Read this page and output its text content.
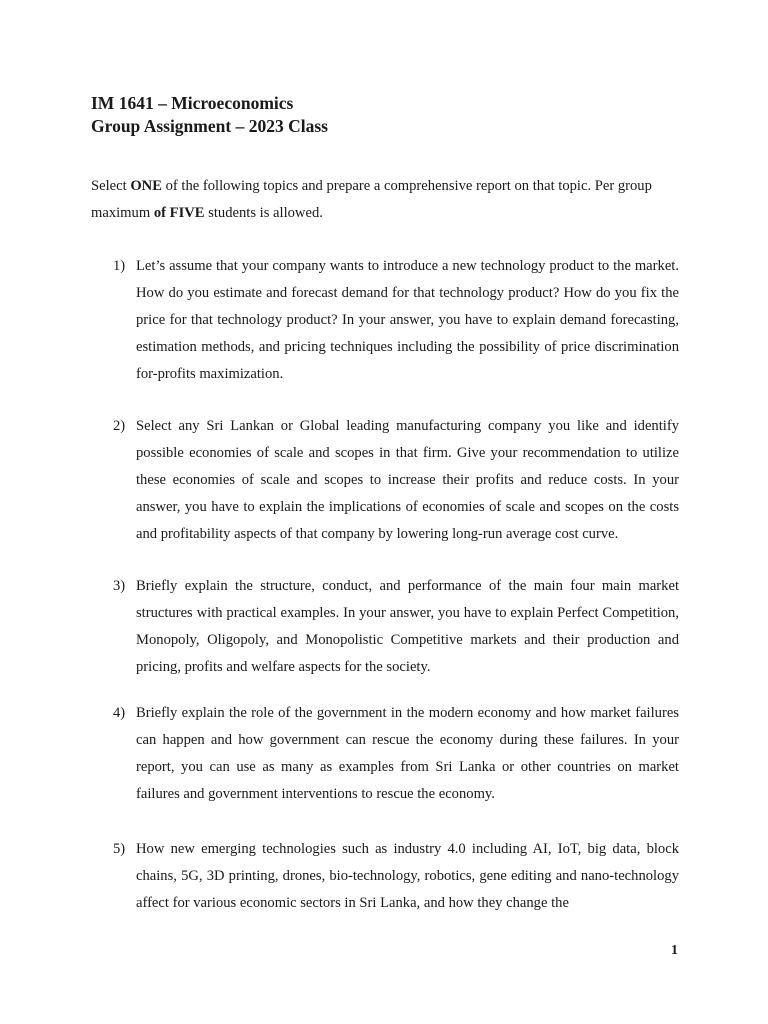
IM 1641 – Microeconomics

Group Assignment – 2023 Class

Select ONE of the following topics and prepare a comprehensive report on that topic. Per group maximum of FIVE students is allowed.

1) Let’s assume that your company wants to introduce a new technology product to the market. How do you estimate and forecast demand for that technology product? How do you fix the price for that technology product? In your answer, you have to explain demand forecasting, estimation methods, and pricing techniques including the possibility of price discrimination for-profits maximization.
2) Select any Sri Lankan or Global leading manufacturing company you like and identify possible economies of scale and scopes in that firm. Give your recommendation to utilize these economies of scale and scopes to increase their profits and reduce costs. In your answer, you have to explain the implications of economies of scale and scopes on the costs and profitability aspects of that company by lowering long-run average cost curve.
3) Briefly explain the structure, conduct, and performance of the main four main market structures with practical examples. In your answer, you have to explain Perfect Competition, Monopoly, Oligopoly, and Monopolistic Competitive markets and their production and pricing, profits and welfare aspects for the society.
4) Briefly explain the role of the government in the modern economy and how market failures can happen and how government can rescue the economy during these failures. In your report, you can use as many as examples from Sri Lanka or other countries on market failures and government interventions to rescue the economy.
5) How new emerging technologies such as industry 4.0 including AI, IoT, big data, block chains, 5G, 3D printing, drones, bio-technology, robotics, gene editing and nano-technology affect for various economic sectors in Sri Lanka, and how they change the
1
